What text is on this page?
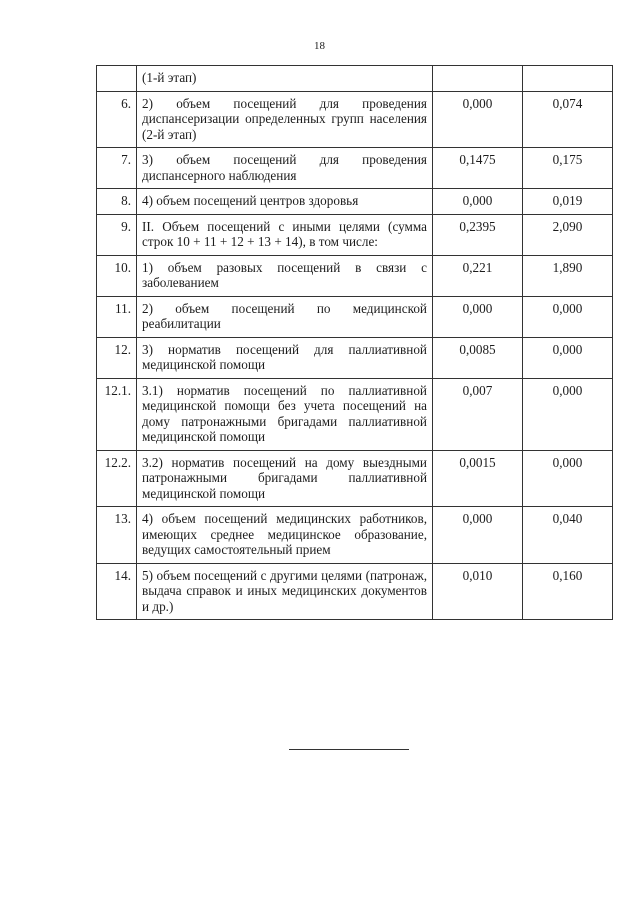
18
	(1-й этап)		
6.	2) объем посещений для проведения диспансеризации определенных групп населения (2-й этап)	0,000	0,074
7.	3) объем посещений для проведения диспансерного наблюдения	0,1475	0,175
8.	4) объем посещений центров здоровья	0,000	0,019
9.	II. Объем посещений с иными целями (сумма строк 10 + 11 + 12 + 13 + 14), в том числе:	0,2395	2,090
10.	1) объем разовых посещений в связи с заболеванием	0,221	1,890
11.	2) объем посещений по медицинской реабилитации	0,000	0,000
12.	3) норматив посещений для паллиативной медицинской помощи	0,0085	0,000
12.1.	3.1) норматив посещений по паллиативной медицинской помощи без учета посещений на дому патронажными бригадами паллиативной медицинской помощи	0,007	0,000
12.2.	3.2) норматив посещений на дому выездными патронажными бригадами паллиативной медицинской помощи	0,0015	0,000
13.	4) объем посещений медицинских работников, имеющих среднее медицинское образование, ведущих самостоятельный прием	0,000	0,040
14.	5) объем посещений с другими целями (патронаж, выдача справок и иных медицинских документов и др.)	0,010	0,160
